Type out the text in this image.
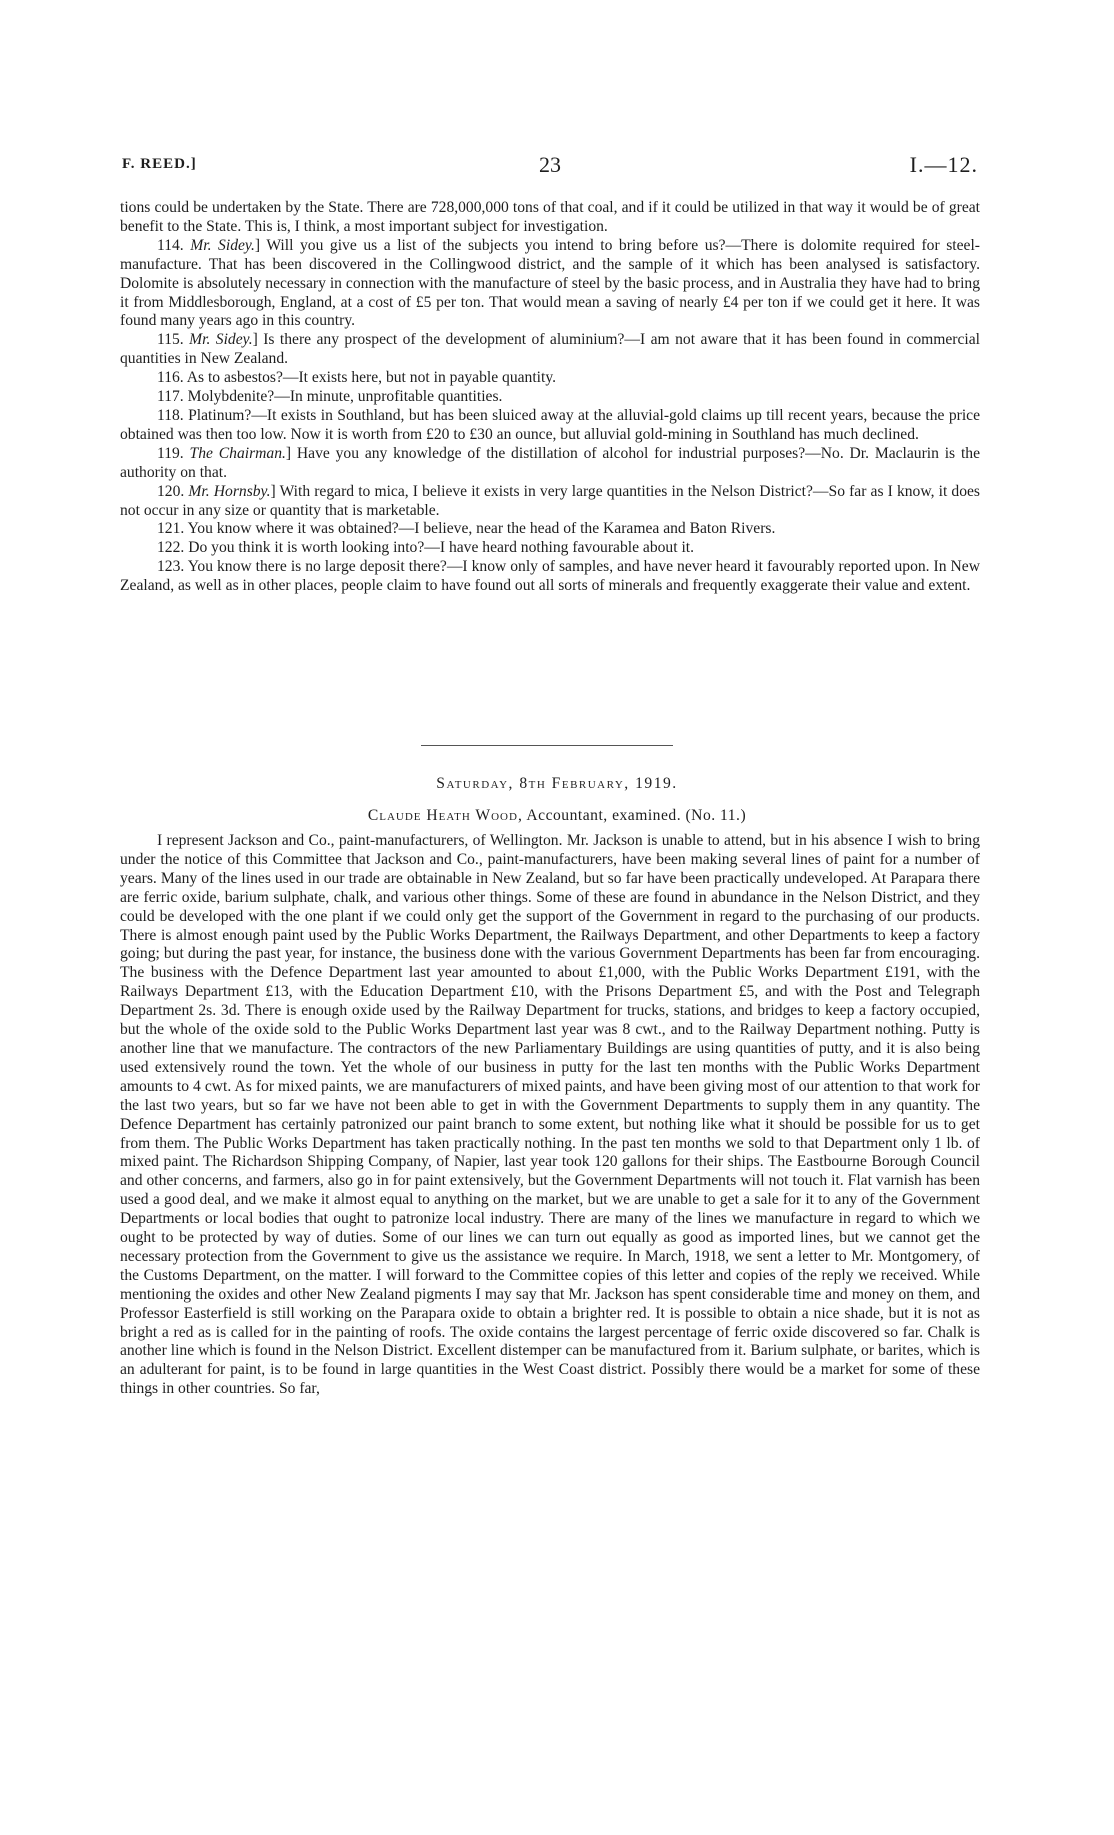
F. REED.]	23	I.—12.

tions could be undertaken by the State. There are 728,000,000 tons of that coal, and if it could be utilized in that way it would be of great benefit to the State. This is, I think, a most important subject for investigation.

114. Mr. Sidey.] Will you give us a list of the subjects you intend to bring before us?—There is dolomite required for steel-manufacture. That has been discovered in the Collingwood district, and the sample of it which has been analysed is satisfactory. Dolomite is absolutely necessary in connection with the manufacture of steel by the basic process, and in Australia they have had to bring it from Middlesborough, England, at a cost of £5 per ton. That would mean a saving of nearly £4 per ton if we could get it here. It was found many years ago in this country.

115. Mr. Sidey.] Is there any prospect of the development of aluminium?—I am not aware that it has been found in commercial quantities in New Zealand.

116. As to asbestos?—It exists here, but not in payable quantity.

117. Molybdenite?—In minute, unprofitable quantities.

118. Platinum?—It exists in Southland, but has been sluiced away at the alluvial-gold claims up till recent years, because the price obtained was then too low. Now it is worth from £20 to £30 an ounce, but alluvial gold-mining in Southland has much declined.

119. The Chairman.] Have you any knowledge of the distillation of alcohol for industrial purposes?—No. Dr. Maclaurin is the authority on that.

120. Mr. Hornsby.] With regard to mica, I believe it exists in very large quantities in the Nelson District?—So far as I know, it does not occur in any size or quantity that is marketable.

121. You know where it was obtained?—I believe, near the head of the Karamea and Baton Rivers.

122. Do you think it is worth looking into?—I have heard nothing favourable about it.

123. You know there is no large deposit there?—I know only of samples, and have never heard it favourably reported upon. In New Zealand, as well as in other places, people claim to have found out all sorts of minerals and frequently exaggerate their value and extent.

Saturday, 8th February, 1919.
Claude Heath Wood, Accountant, examined. (No. 11.)

I represent Jackson and Co., paint-manufacturers, of Wellington. Mr. Jackson is unable to attend, but in his absence I wish to bring under the notice of this Committee that Jackson and Co., paint-manufacturers, have been making several lines of paint for a number of years. Many of the lines used in our trade are obtainable in New Zealand, but so far have been practically undeveloped. At Parapara there are ferric oxide, barium sulphate, chalk, and various other things. Some of these are found in abundance in the Nelson District, and they could be developed with the one plant if we could only get the support of the Government in regard to the purchasing of our products. There is almost enough paint used by the Public Works Department, the Railways Department, and other Departments to keep a factory going; but during the past year, for instance, the business done with the various Government Departments has been far from encouraging. The business with the Defence Department last year amounted to about £1,000, with the Public Works Department £191, with the Railways Department £13, with the Education Department £10, with the Prisons Department £5, and with the Post and Telegraph Department 2s. 3d. There is enough oxide used by the Railway Department for trucks, stations, and bridges to keep a factory occupied, but the whole of the oxide sold to the Public Works Department last year was 8 cwt., and to the Railway Department nothing. Putty is another line that we manufacture. The contractors of the new Parliamentary Buildings are using quantities of putty, and it is also being used extensively round the town. Yet the whole of our business in putty for the last ten months with the Public Works Department amounts to 4 cwt. As for mixed paints, we are manufacturers of mixed paints, and have been giving most of our attention to that work for the last two years, but so far we have not been able to get in with the Government Departments to supply them in any quantity. The Defence Department has certainly patronized our paint branch to some extent, but nothing like what it should be possible for us to get from them. The Public Works Department has taken practically nothing. In the past ten months we sold to that Department only 1 lb. of mixed paint. The Richardson Shipping Company, of Napier, last year took 120 gallons for their ships. The Eastbourne Borough Council and other concerns, and farmers, also go in for paint extensively, but the Government Departments will not touch it. Flat varnish has been used a good deal, and we make it almost equal to anything on the market, but we are unable to get a sale for it to any of the Government Departments or local bodies that ought to patronize local industry. There are many of the lines we manufacture in regard to which we ought to be protected by way of duties. Some of our lines we can turn out equally as good as imported lines, but we cannot get the necessary protection from the Government to give us the assistance we require. In March, 1918, we sent a letter to Mr. Montgomery, of the Customs Department, on the matter. I will forward to the Committee copies of this letter and copies of the reply we received. While mentioning the oxides and other New Zealand pigments I may say that Mr. Jackson has spent considerable time and money on them, and Professor Easterfield is still working on the Parapara oxide to obtain a brighter red. It is possible to obtain a nice shade, but it is not as bright a red as is called for in the painting of roofs. The oxide contains the largest percentage of ferric oxide discovered so far. Chalk is another line which is found in the Nelson District. Excellent distemper can be manufactured from it. Barium sulphate, or barites, which is an adulterant for paint, is to be found in large quantities in the West Coast district. Possibly there would be a market for some of these things in other countries. So far,
